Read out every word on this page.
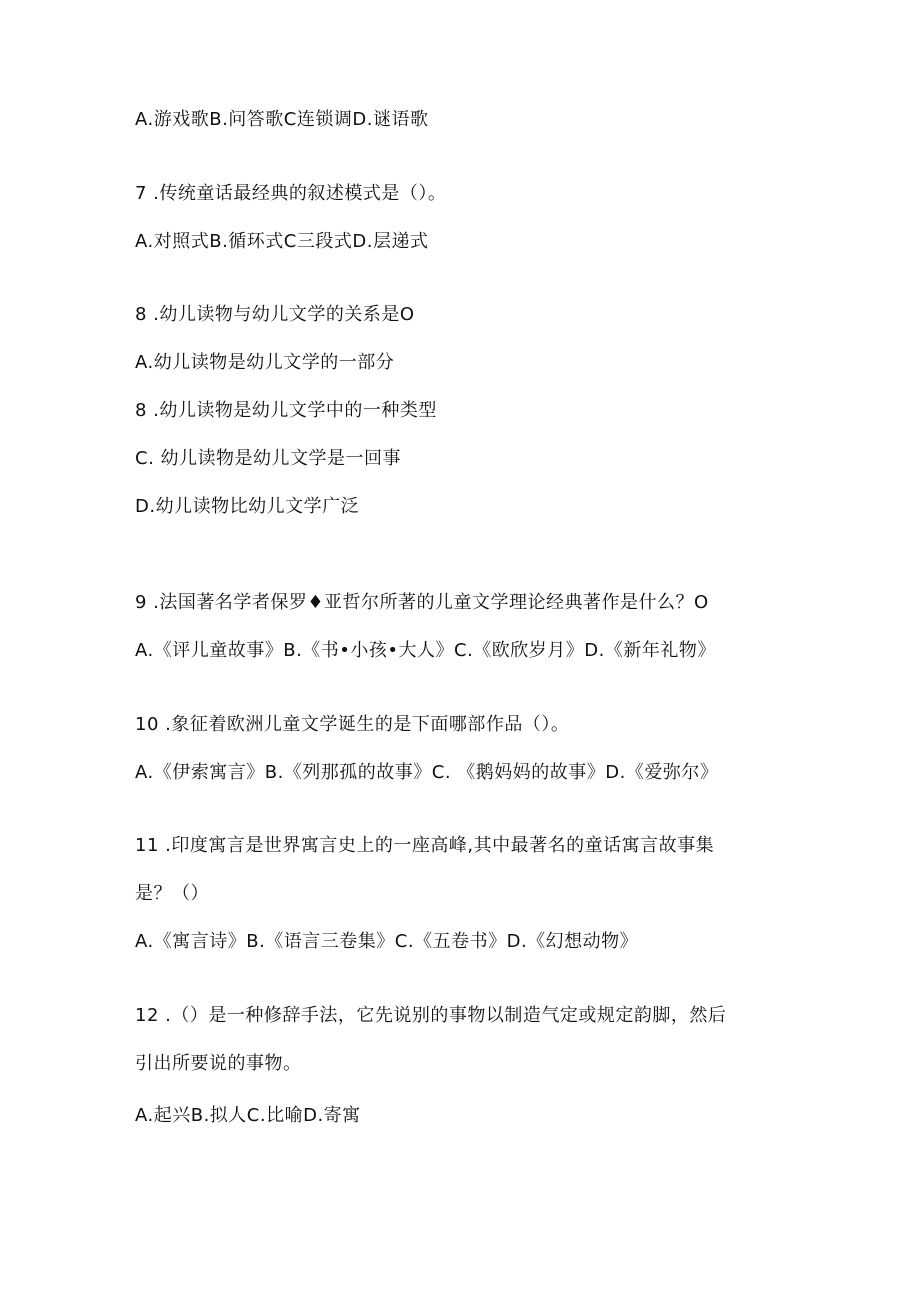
A.游戏歌B.问答歌C连锁调D.谜语歌
7 .传统童话最经典的叙述模式是（）。
A.对照式B.循环式C三段式D.层递式
8 .幼儿读物与幼儿文学的关系是O
A.幼儿读物是幼儿文学的一部分
8 .幼儿读物是幼儿文学中的一种类型
C. 幼儿读物是幼儿文学是一回事
D.幼儿读物比幼儿文学广泛
9 .法国著名学者保罗♦亚哲尔所著的儿童文学理论经典著作是什么？O
A.《评儿童故事》B.《书•小孩•大人》C.《欧欣岁月》D.《新年礼物》
10 .象征着欧洲儿童文学诞生的是下面哪部作品（）。
A.《伊索寓言》B.《列那孤的故事》C. 《鹅妈妈的故事》D.《爱弥尔》
11 .印度寓言是世界寓言史上的一座高峰,其中最著名的童话寓言故事集
是？（）
A.《寓言诗》B.《语言三卷集》C.《五卷书》D.《幻想动物》
12 .（）是一种修辞手法，它先说别的事物以制造气定或规定韵脚，然后
引出所要说的事物。
A.起兴B.拟人C.比喻D.寄寓
